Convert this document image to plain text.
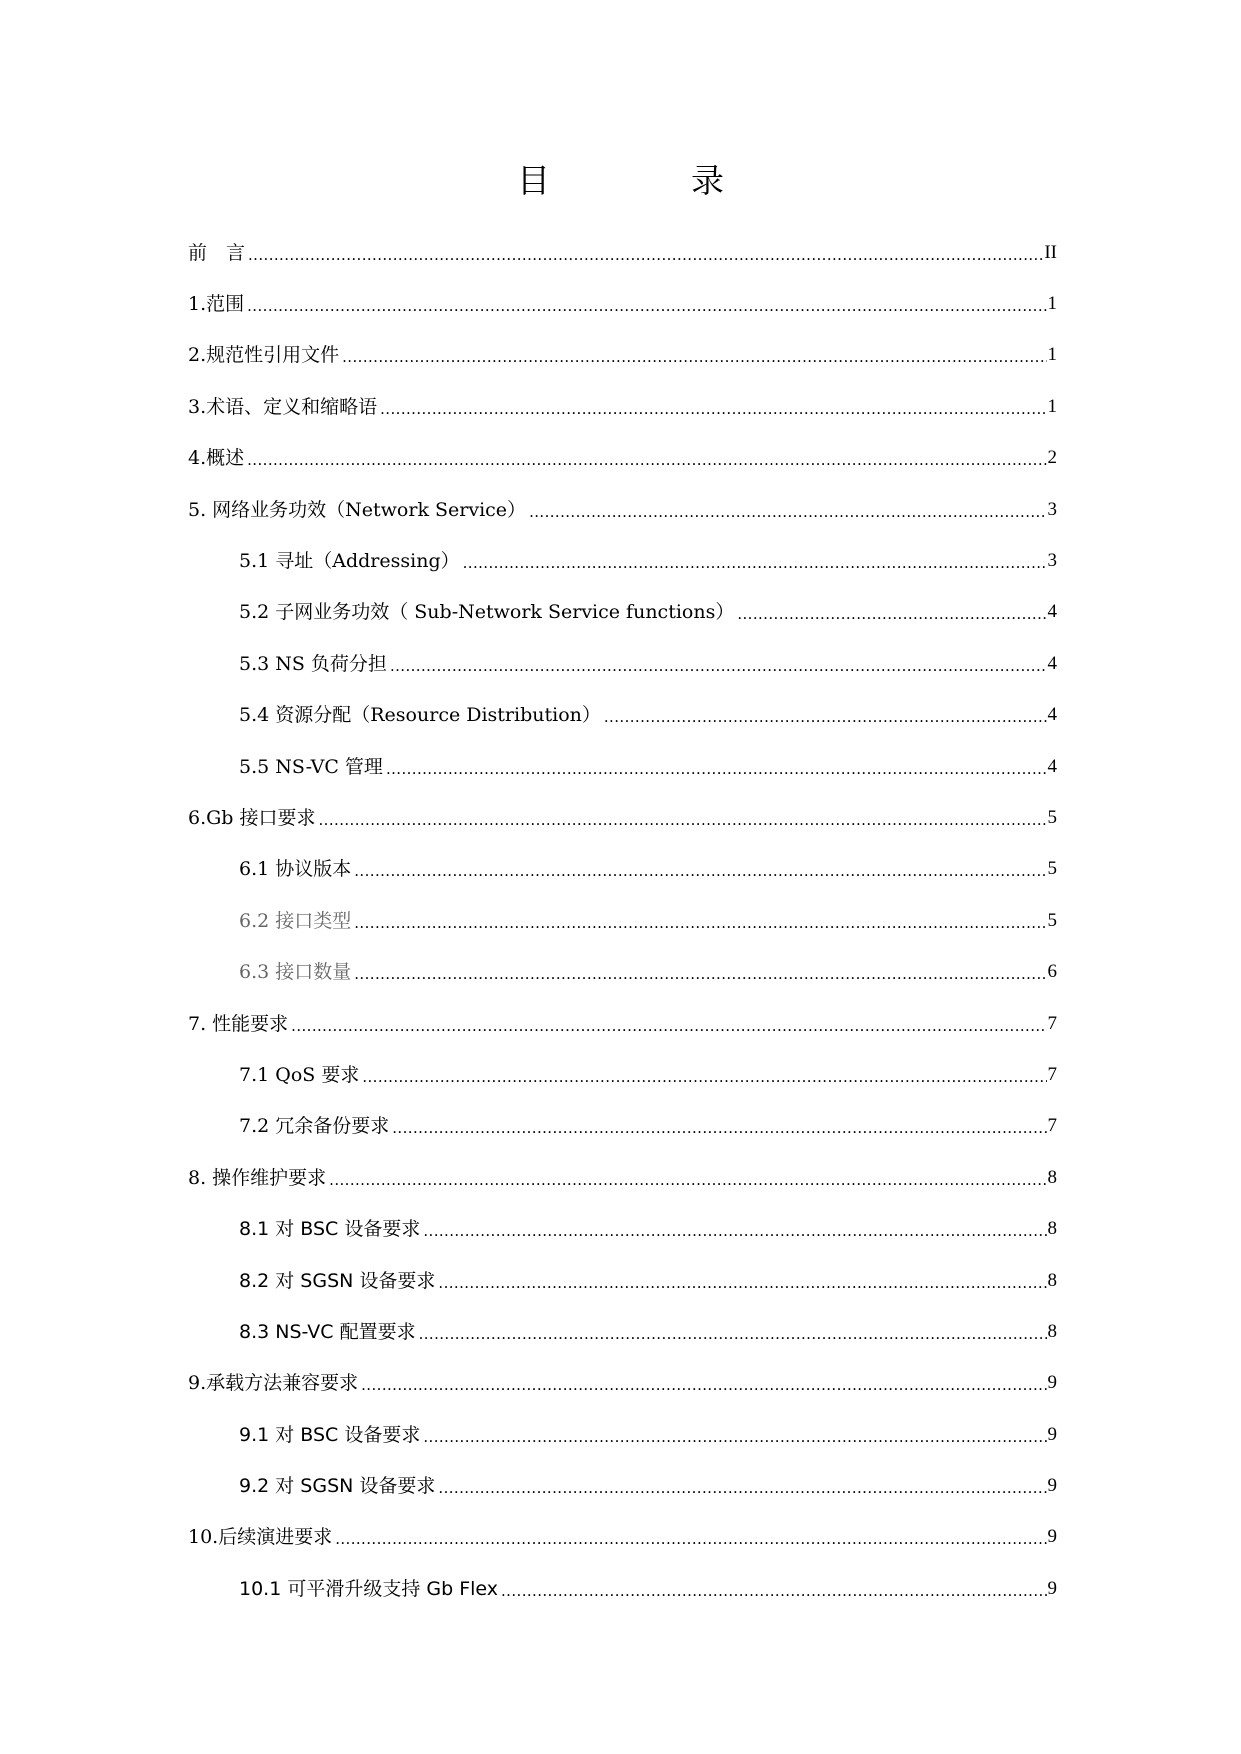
目　录
前　言 .....	II
1.范围 .....	1
2.规范性引用文件 .....	1
3.术语、定义和缩略语 .....	1
4.概述 .....	2
5. 网络业务功效（Network Service） .....	3
5.1 寻址（Addressing） .....	3
5.2 子网业务功效（ Sub-Network Service functions） .....	4
5.3 NS 负荷分担 .....	4
5.4 资源分配（Resource Distribution） .....	4
5.5 NS-VC 管理 .....	4
6.Gb 接口要求 .....	5
6.1 协议版本 .....	5
6.2 接口类型 .....	5
6.3 接口数量 .....	6
7. 性能要求 .....	7
7.1 QoS 要求 .....	7
7.2 冗余备份要求 .....	7
8. 操作维护要求 .....	8
8.1 对 BSC 设备要求 .....	8
8.2 对 SGSN 设备要求 .....	8
8.3 NS-VC 配置要求 .....	8
9.承载方法兼容要求 .....	9
9.1 对 BSC 设备要求 .....	9
9.2 对 SGSN 设备要求 .....	9
10.后续演进要求 .....	9
10.1 可平滑升级支持 Gb Flex .....	9
